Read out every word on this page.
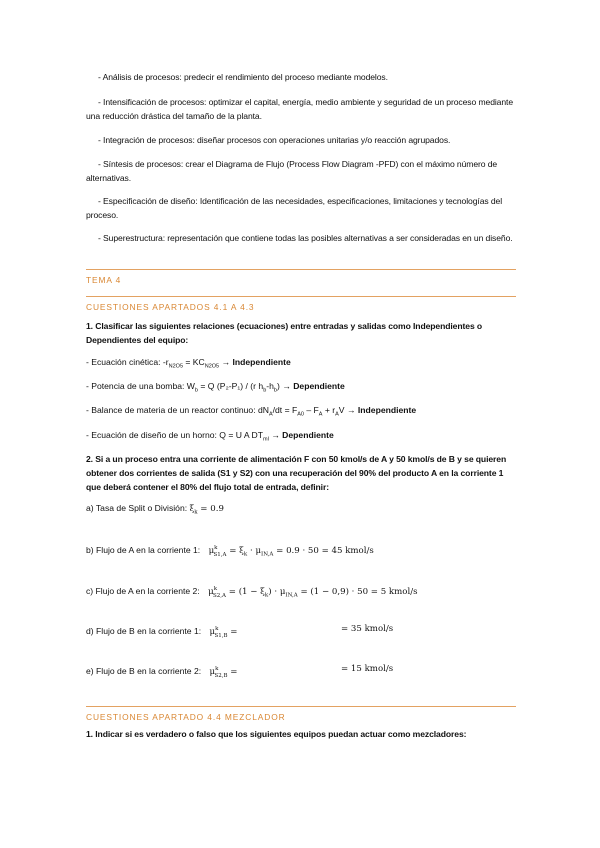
- Análisis de procesos: predecir el rendimiento del proceso mediante modelos.
- Intensificación de procesos: optimizar el capital, energía, medio ambiente y seguridad de un proceso mediante una reducción drástica del tamaño de la planta.
- Integración de procesos: diseñar procesos con operaciones unitarias y/o reacción agrupados.
- Síntesis de procesos: crear el Diagrama de Flujo (Process Flow Diagram -PFD) con el máximo número de alternativas.
- Especificación de diseño: Identificación de las necesidades, especificaciones, limitaciones y tecnologías del proceso.
- Superestructura: representación que contiene todas las posibles alternativas a ser consideradas en un diseño.
TEMA 4
CUESTIONES APARTADOS 4.1 A 4.3
1. Clasificar las siguientes relaciones (ecuaciones) entre entradas y salidas como Independientes o Dependientes del equipo:
- Ecuación cinética: $-r_{N2O5} = KC_{N2O5}$ → Independiente
- Potencia de una bomba: $W_b = Q$ (P₂-P₁) / (r $h_b-h_b$) → Dependiente
- Balance de materia de un reactor continuo: $dN_A/dt = F_{A0} - F_A + r_AV$ → Independiente
- Ecuación de diseño de un horno: Q = U A $DT_{ml}$ → Dependiente
2. Si a un proceso entra una corriente de alimentación F con 50 kmol/s de A y 50 kmol/s de B y se quieren obtener dos corrientes de salida (S1 y S2) con una recuperación del 90% del producto A en la corriente 1 que deberá contener el 80% del flujo total de entrada, definir:
a) Tasa de Split o División: $\xi_k = 0.9$
b) Flujo de A en la corriente 1: $\mu^k_{S1,A} = \xi_k \cdot \mu_{IN,A} = 0.9 \cdot 50 = 45$ kmol/s
c) Flujo de A en la corriente 2: $\mu^k_{S2,A} = (1 - \xi_k) \cdot \mu_{IN,A} = (1 - 0,9) \cdot 50 = 5$ kmol/s
d) Flujo de B en la corriente 1: $\mu^k_{S1,B}$ =	= 35 kmol/s
e) Flujo de B en la corriente 2: $\mu^k_{S2,B}$ =	= 15 kmol/s
CUESTIONES APARTADO 4.4 MEZCLADOR
1. Indicar si es verdadero o falso que los siguientes equipos puedan actuar como mezcladores:
